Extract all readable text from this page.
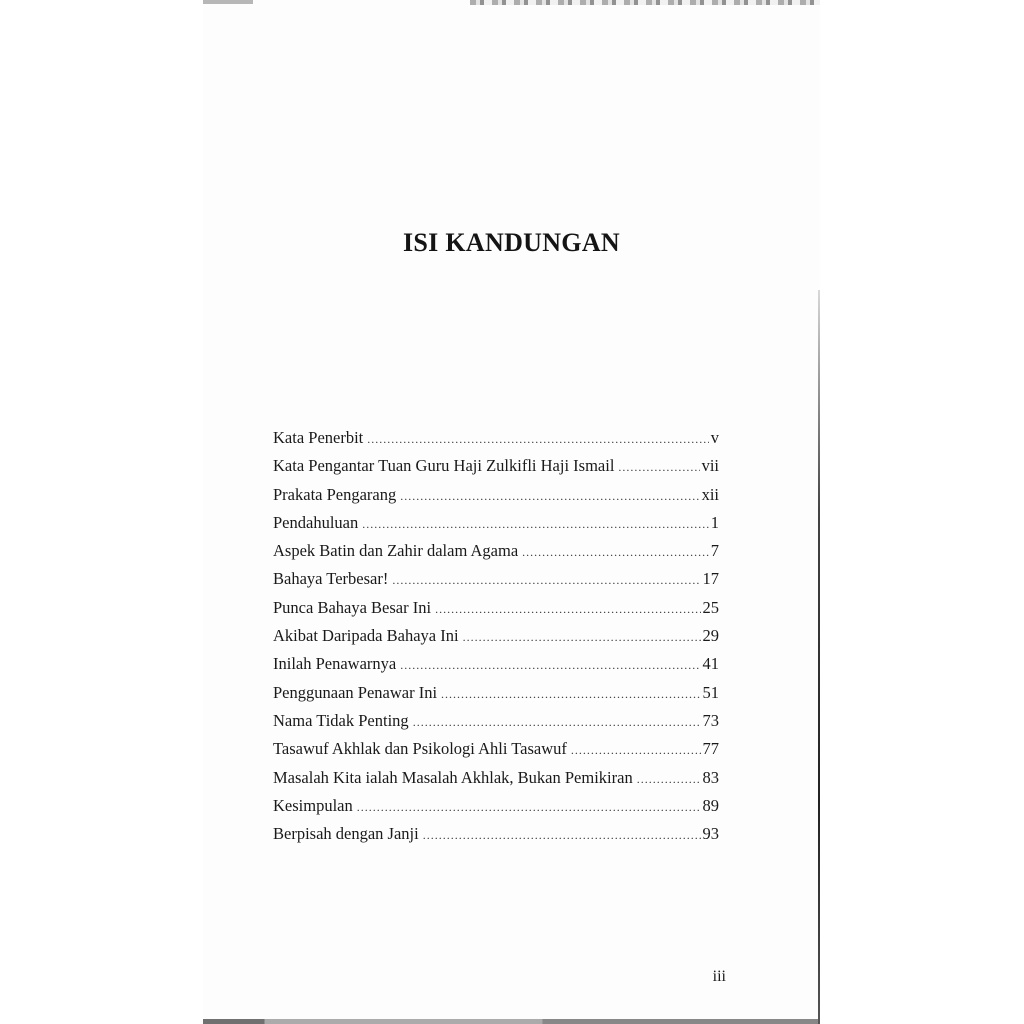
ISI KANDUNGAN
Kata Penerbit .....	v
Kata Pengantar Tuan Guru Haji Zulkifli Haji Ismail .....	vii
Prakata Pengarang .....	xii
Pendahuluan .....	1
Aspek Batin dan Zahir dalam Agama .....	7
Bahaya Terbesar! .....	17
Punca Bahaya Besar Ini .....	25
Akibat Daripada Bahaya Ini .....	29
Inilah Penawarnya .....	41
Penggunaan Penawar Ini .....	51
Nama Tidak Penting .....	73
Tasawuf Akhlak dan Psikologi Ahli Tasawuf .....	77
Masalah Kita ialah Masalah Akhlak, Bukan Pemikiran .....	83
Kesimpulan .....	89
Berpisah dengan Janji .....	93
iii
